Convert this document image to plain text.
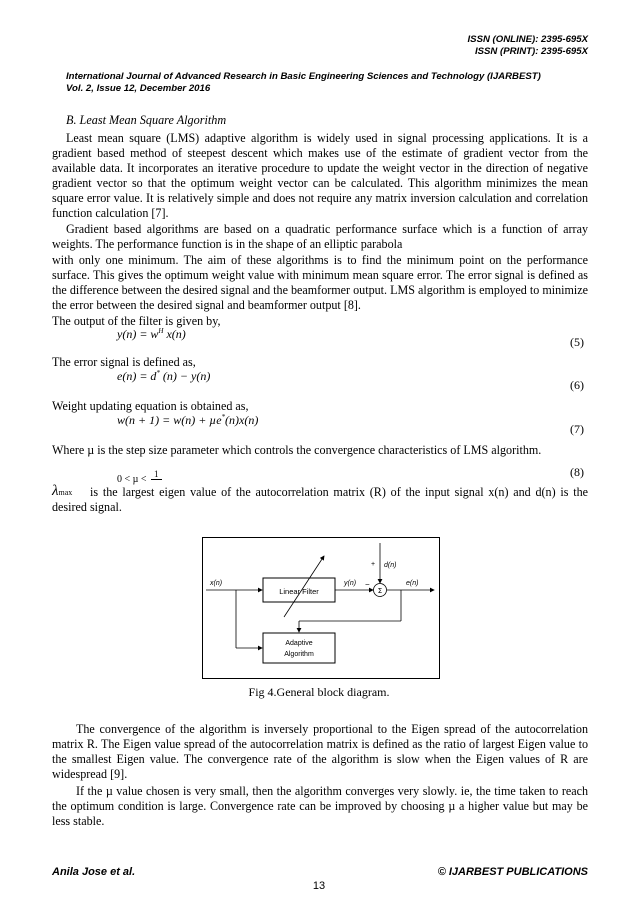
ISSN (ONLINE): 2395-695X
ISSN (PRINT): 2395-695X
International Journal of Advanced Research in Basic Engineering Sciences and Technology (IJARBEST)
Vol. 2, Issue 12, December 2016
B. Least Mean Square Algorithm

Least mean square (LMS) adaptive algorithm is widely used in signal processing applications. It is a gradient based method of steepest descent which makes use of the estimate of gradient vector from the available data. It incorporates an iterative procedure to update the weight vector in the direction of negative gradient vector so that the optimum weight vector can be calculated. This algorithm minimizes the mean square error value. It is relatively simple and does not require any matrix inversion calculation and correlation function calculation [7].

Gradient based algorithms are based on a quadratic performance surface which is a function of array weights. The performance function is in the shape of an elliptic parabola

with only one minimum. The aim of these algorithms is to find the minimum point on the performance surface. This gives the optimum weight value with minimum mean square error. The error signal is defined as the difference between the desired signal and the beamformer output. LMS algorithm is employed to minimize the error between the desired signal and beamformer output [8].

The output of the filter is given by,
$y(n) = w^H$ x(n)
(5)
The error signal is defined as,
e(n) = d* (n) − y(n)
(6)
Weight updating equation is obtained as,
w(n + 1) = w(n) + µe*(n)x(n)
(7)
Where µ is the step size parameter which controls the convergence characteristics of LMS algorithm.
0 < µ < 1
	(8)

is the largest eigen value of the autocorrelation matrix (R) of the input signal x(n) and d(n) is the desired signal.

λmax
Linear Filter
Adaptive
Algorithm
x(n)	y(n) −
Σ
d(n)
+
e(n)
Fig 4.General block diagram.

The convergence of the algorithm is inversely proportional to the Eigen spread of the autocorrelation matrix R. The Eigen value spread of the autocorrelation matrix is defined as the ratio of largest Eigen value to the smallest Eigen value. The convergence rate of the algorithm is slow when the Eigen values of R are widespread [9].

If the µ value chosen is very small, then the algorithm converges very slowly. ie, the time taken to reach the optimum condition is large. Convergence rate can be improved by choosing µ a higher value but may be less stable.

Anila Jose et al.	© IJARBEST PUBLICATIONS
13
